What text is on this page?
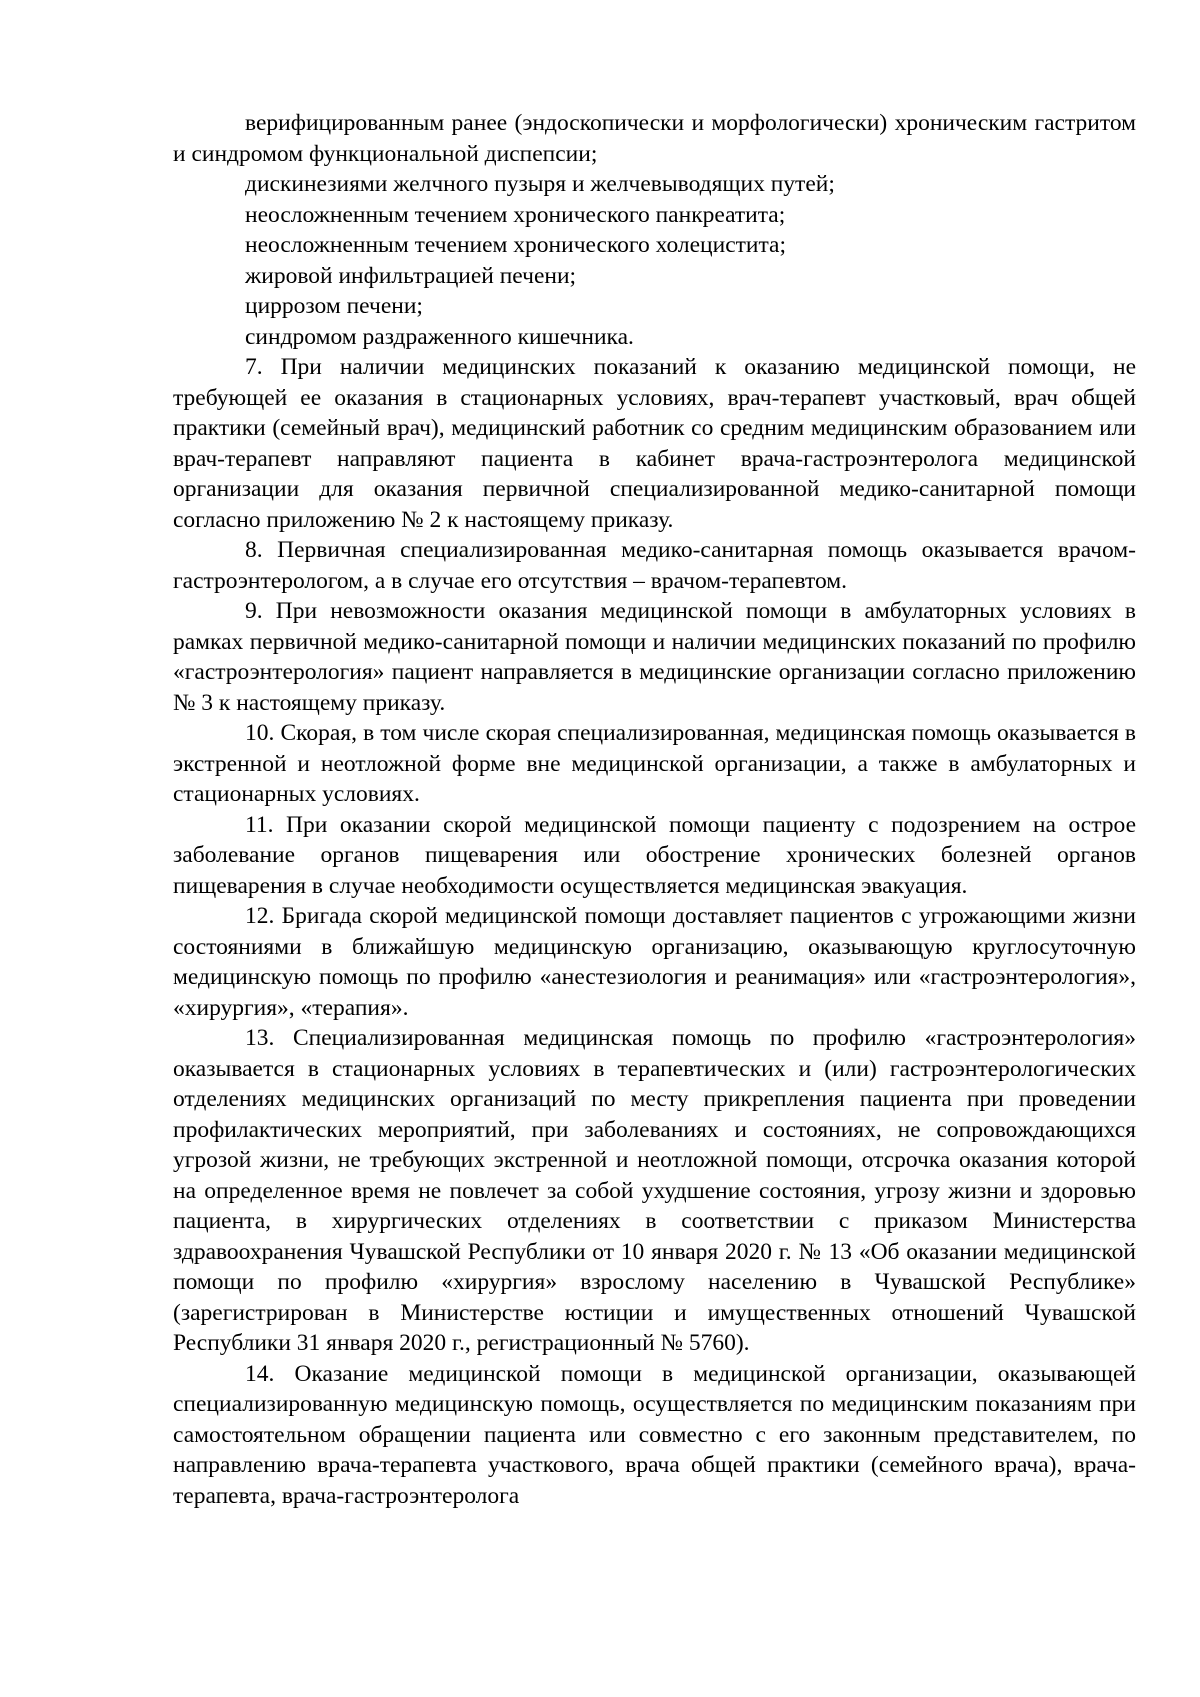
верифицированным ранее (эндоскопически и морфологически) хроническим гастритом и синдромом функциональной диспепсии;

дискинезиями желчного пузыря и желчевыводящих путей;

неосложненным течением хронического панкреатита;

неосложненным течением хронического холецистита;

жировой инфильтрацией печени;

циррозом печени;

синдромом раздраженного кишечника.

7. При наличии медицинских показаний к оказанию медицинской помощи, не требующей ее оказания в стационарных условиях, врач-терапевт участковый, врач общей практики (семейный врач), медицинский работник со средним медицинским образованием или врач-терапевт направляют пациента в кабинет врача-гастроэнтеролога медицинской организации для оказания первичной специализированной медико-санитарной помощи согласно приложению № 2 к настоящему приказу.

8. Первичная специализированная медико-санитарная помощь оказывается врачом-гастроэнтерологом, а в случае его отсутствия – врачом-терапевтом.

9. При невозможности оказания медицинской помощи в амбулаторных условиях в рамках первичной медико-санитарной помощи и наличии медицинских показаний по профилю «гастроэнтерология» пациент направляется в медицинские организации согласно приложению № 3 к настоящему приказу.

10. Скорая, в том числе скорая специализированная, медицинская помощь оказывается в экстренной и неотложной форме вне медицинской организации, а также в амбулаторных и стационарных условиях.

11. При оказании скорой медицинской помощи пациенту с подозрением на острое заболевание органов пищеварения или обострение хронических болезней органов пищеварения в случае необходимости осуществляется медицинская эвакуация.

12. Бригада скорой медицинской помощи доставляет пациентов с угрожающими жизни состояниями в ближайшую медицинскую организацию, оказывающую круглосуточную медицинскую помощь по профилю «анестезиология и реанимация» или «гастроэнтерология», «хирургия», «терапия».

13. Специализированная медицинская помощь по профилю «гастроэнтерология» оказывается в стационарных условиях в терапевтических и (или) гастроэнтерологических отделениях медицинских организаций по месту прикрепления пациента при проведении профилактических мероприятий, при заболеваниях и состояниях, не сопровождающихся угрозой жизни, не требующих экстренной и неотложной помощи, отсрочка оказания которой на определенное время не повлечет за собой ухудшение состояния, угрозу жизни и здоровью пациента, в хирургических отделениях в соответствии с приказом Министерства здравоохранения Чувашской Республики от 10 января 2020 г. № 13 «Об оказании медицинской помощи по профилю «хирургия» взрослому населению в Чувашской Республике» (зарегистрирован в Министерстве юстиции и имущественных отношений Чувашской Республики 31 января 2020 г., регистрационный № 5760).

14. Оказание медицинской помощи в медицинской организации, оказывающей специализированную медицинскую помощь, осуществляется по медицинским показаниям при самостоятельном обращении пациента или совместно с его законным представителем, по направлению врача-терапевта участкового, врача общей практики (семейного врача), врача-терапевта, врача-гастроэнтеролога
